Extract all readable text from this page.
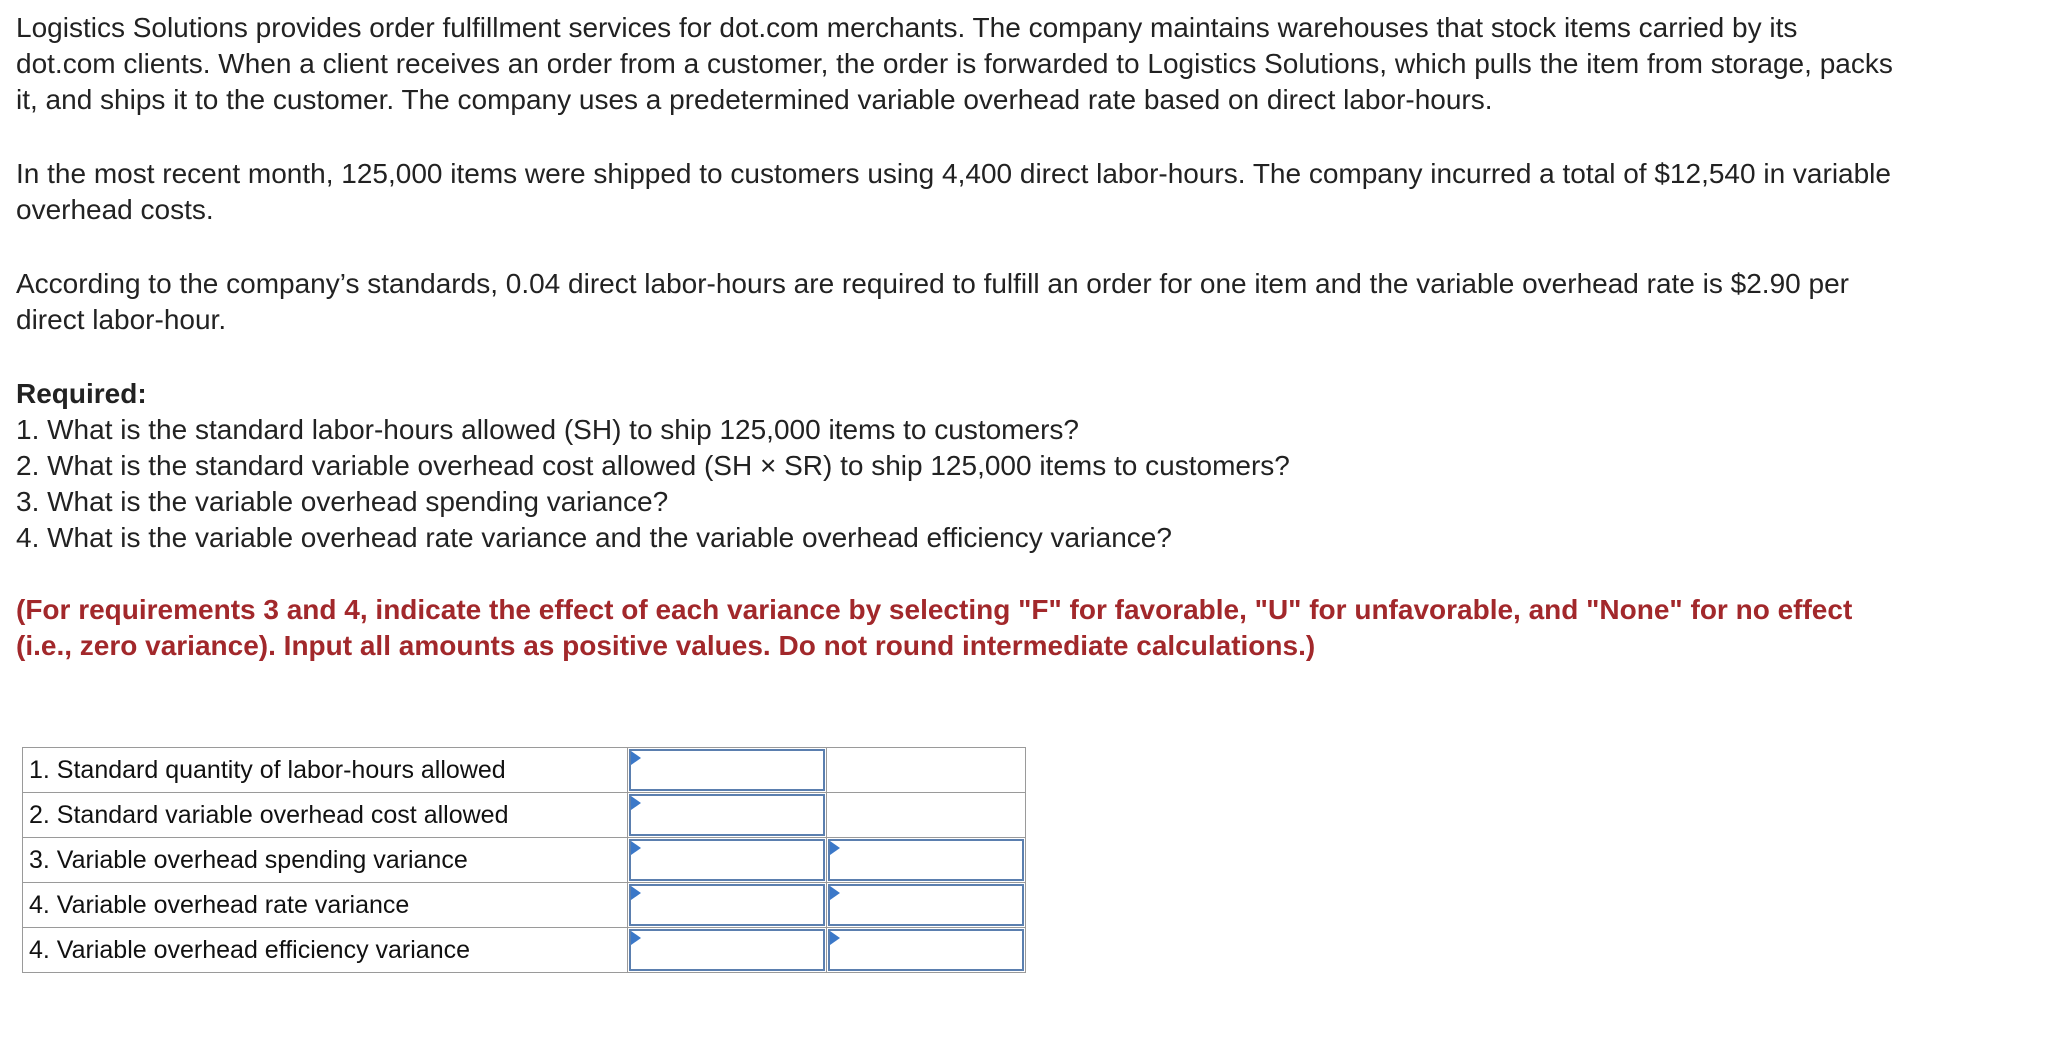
Logistics Solutions provides order fulfillment services for dot.com merchants. The company maintains warehouses that stock items carried by its dot.com clients. When a client receives an order from a customer, the order is forwarded to Logistics Solutions, which pulls the item from storage, packs it, and ships it to the customer. The company uses a predetermined variable overhead rate based on direct labor-hours.

In the most recent month, 125,000 items were shipped to customers using 4,400 direct labor-hours. The company incurred a total of $12,540 in variable overhead costs.

According to the company’s standards, 0.04 direct labor-hours are required to fulfill an order for one item and the variable overhead rate is $2.90 per direct labor-hour.

Required:

1. What is the standard labor-hours allowed (SH) to ship 125,000 items to customers?

2. What is the standard variable overhead cost allowed (SH × SR) to ship 125,000 items to customers?

3. What is the variable overhead spending variance?

4. What is the variable overhead rate variance and the variable overhead efficiency variance?

(For requirements 3 and 4, indicate the effect of each variance by selecting "F" for favorable, "U" for unfavorable, and "None" for no effect (i.e., zero variance). Input all amounts as positive values. Do not round intermediate calculations.)

1. Standard quantity of labor-hours allowed	

2. Standard variable overhead cost allowed	

3. Variable overhead spending variance	

4. Variable overhead rate variance	

4. Variable overhead efficiency variance	
